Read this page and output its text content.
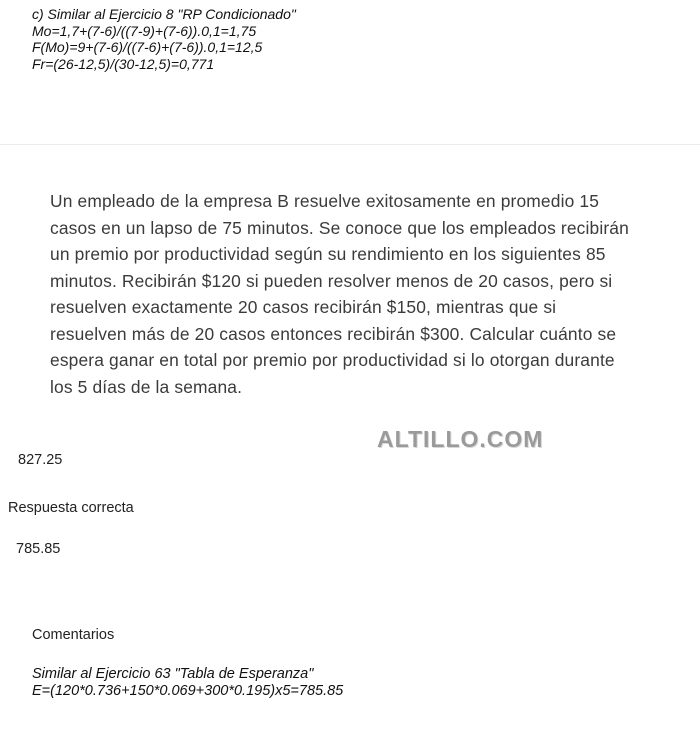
c) Similar al Ejercicio 8 "RP Condicionado"
Mo=1,7+(7-6)/((7-9)+(7-6)).0,1=1,75
F(Mo)=9+(7-6)/((7-6)+(7-6)).0,1=12,5
Fr=(26-12,5)/(30-12,5)=0,771
Un empleado de la empresa B resuelve exitosamente en promedio 15
casos en un lapso de 75 minutos. Se conoce que los empleados recibirán
un premio por productividad según su rendimiento en los siguientes 85
minutos. Recibirán $120 si pueden resolver menos de 20 casos, pero si
resuelven exactamente 20 casos recibirán $150, mientras que si
resuelven más de 20 casos entonces recibirán $300. Calcular cuánto se
espera ganar en total por premio por productividad si lo otorgan durante
los 5 días de la semana.
ALTILLO.COM
827.25
Respuesta correcta
785.85
Comentarios
Similar al Ejercicio 63 "Tabla de Esperanza"
E=(120*0.736+150*0.069+300*0.195)x5=785.85
